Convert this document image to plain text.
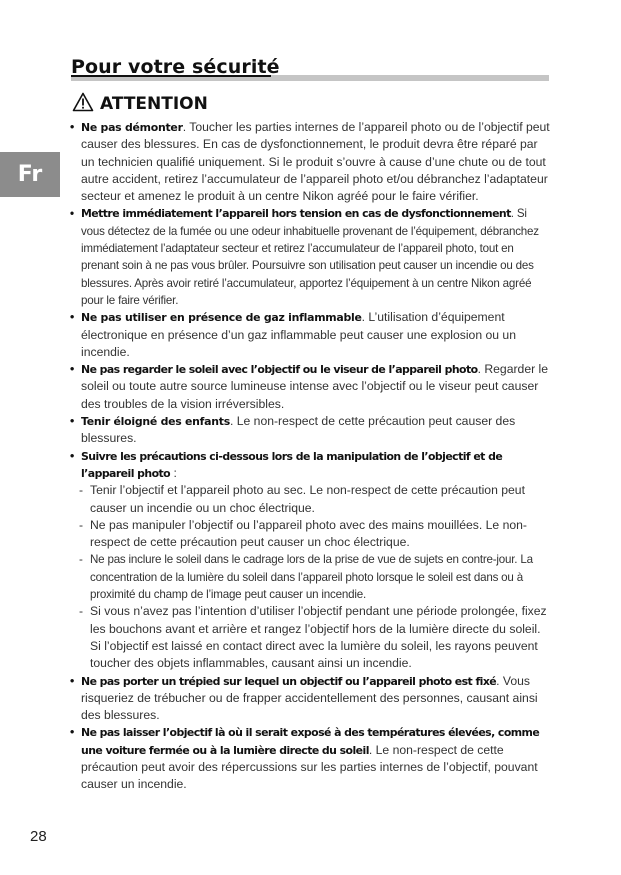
Pour votre sécurité
Fr
ATTENTION
• Ne pas démonter. Toucher les parties internes de l’appareil photo ou de l’objectif peut causer des blessures. En cas de dysfonctionnement, le produit devra être réparé par un technicien qualifié uniquement. Si le produit s’ouvre à cause d’une chute ou de tout autre accident, retirez l’accumulateur de l’appareil photo et/ou débranchez l’adaptateur secteur et amenez le produit à un centre Nikon agréé pour le faire vérifier.
• Mettre immédiatement l’appareil hors tension en cas de dysfonctionnement. Si vous détectez de la fumée ou une odeur inhabituelle provenant de l’équipement, débranchez immédiatement l’adaptateur secteur et retirez l’accumulateur de l’appareil photo, tout en prenant soin à ne pas vous brûler. Poursuivre son utilisation peut causer un incendie ou des blessures. Après avoir retiré l’accumulateur, apportez l’équipement à un centre Nikon agréé pour le faire vérifier.
• Ne pas utiliser en présence de gaz inflammable. L’utilisation d’équipement électronique en présence d’un gaz inflammable peut causer une explosion ou un incendie.
• Ne pas regarder le soleil avec l’objectif ou le viseur de l’appareil photo. Regarder le soleil ou toute autre source lumineuse intense avec l’objectif ou le viseur peut causer des troubles de la vision irréversibles.
• Tenir éloigné des enfants. Le non-respect de cette précaution peut causer des blessures.
• Suivre les précautions ci-dessous lors de la manipulation de l’objectif et de l’appareil photo :
- Tenir l’objectif et l’appareil photo au sec. Le non-respect de cette précaution peut causer un incendie ou un choc électrique.
- Ne pas manipuler l’objectif ou l’appareil photo avec des mains mouillées. Le non-respect de cette précaution peut causer un choc électrique.
- Ne pas inclure le soleil dans le cadrage lors de la prise de vue de sujets en contre-jour. La concentration de la lumière du soleil dans l’appareil photo lorsque le soleil est dans ou à proximité du champ de l’image peut causer un incendie.
- Si vous n’avez pas l’intention d’utiliser l’objectif pendant une période prolongée, fixez les bouchons avant et arrière et rangez l’objectif hors de la lumière directe du soleil. Si l’objectif est laissé en contact direct avec la lumière du soleil, les rayons peuvent toucher des objets inflammables, causant ainsi un incendie.
• Ne pas porter un trépied sur lequel un objectif ou l’appareil photo est fixé. Vous risqueriez de trébucher ou de frapper accidentellement des personnes, causant ainsi des blessures.
• Ne pas laisser l’objectif là où il serait exposé à des températures élevées, comme une voiture fermée ou à la lumière directe du soleil. Le non-respect de cette précaution peut avoir des répercussions sur les parties internes de l’objectif, pouvant causer un incendie.
28
